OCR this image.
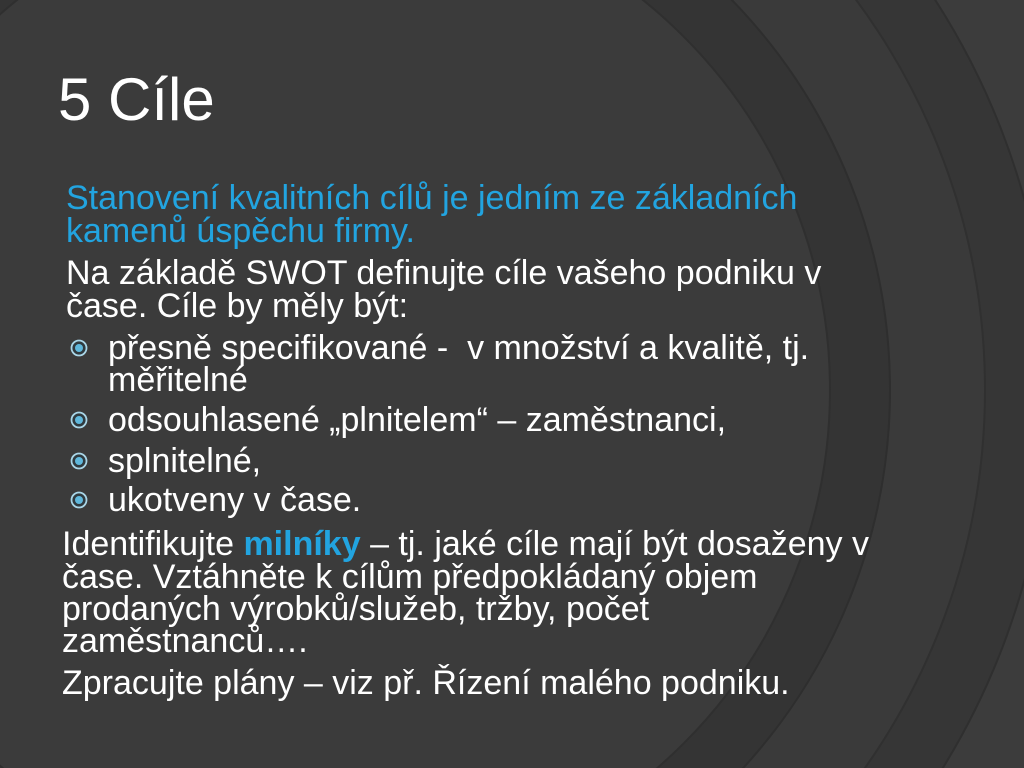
5 Cíle
Stanovení kvalitních cílů je jedním ze základních
kamenů úspěchu firmy.
Na základě SWOT definujte cíle vašeho podniku v
čase. Cíle by měly být:
přesně specifikované -  v množství a kvalitě, tj.
měřitelné
odsouhlasené „plnitelem“ – zaměstnanci,
splnitelné,
ukotveny v čase.
Identifikujte milníky – tj. jaké cíle mají být dosaženy v
čase. Vztáhněte k cílům předpokládaný objem
prodaných výrobků/služeb, tržby, počet
zaměstnanců….
Zpracujte plány – viz př. Řízení malého podniku.
